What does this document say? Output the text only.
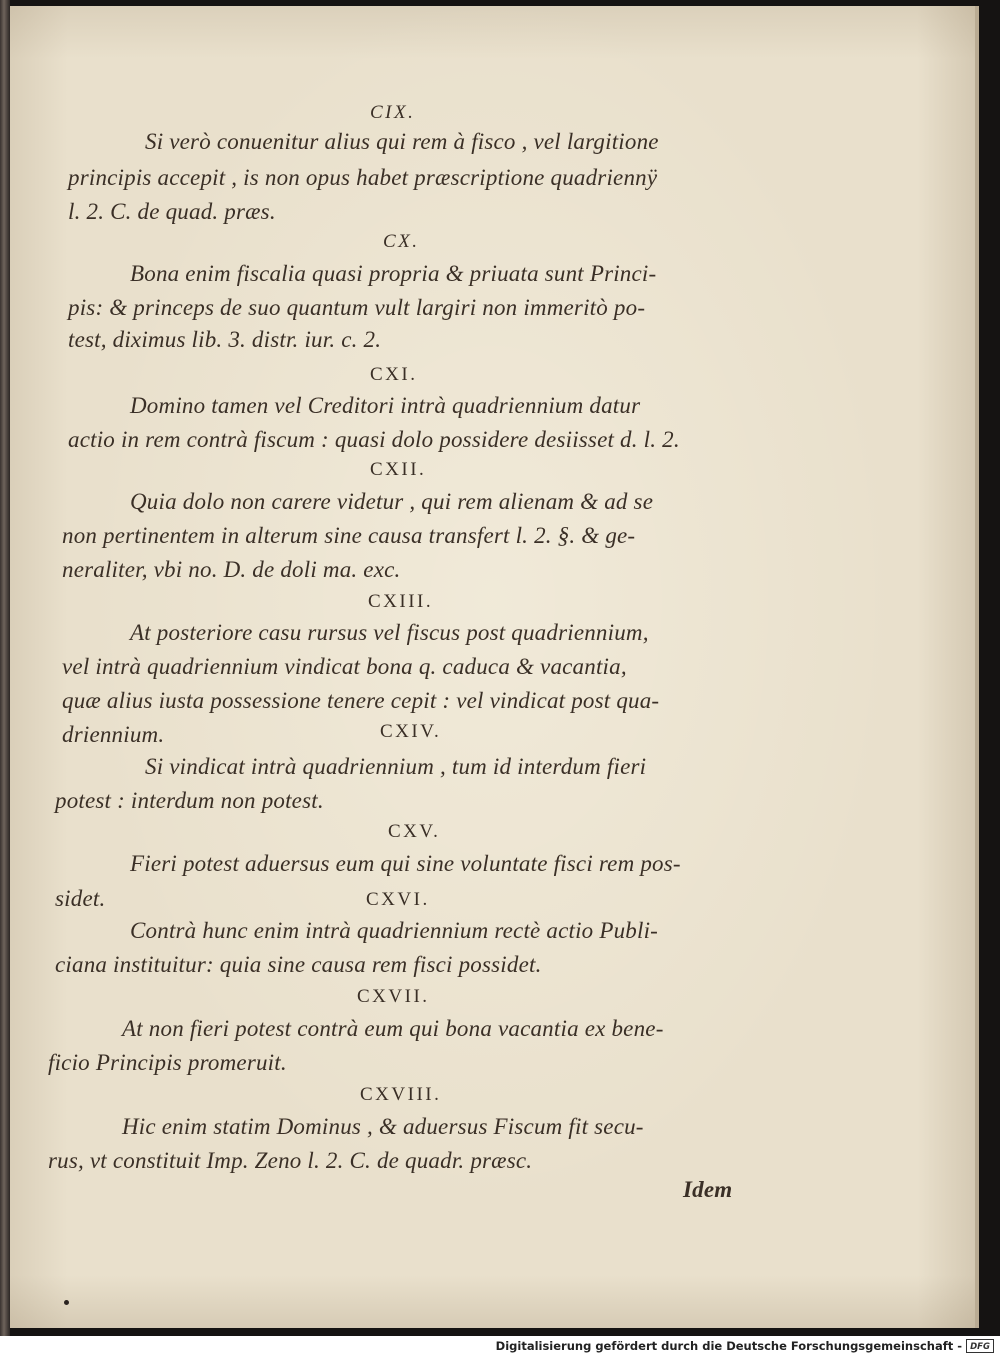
CIX.
Si verò conuenitur alius qui rem à fisco , vel largitione
principis accepit , is non opus habet præscriptione quadriennÿ
l. 2. C. de quad. præs.
CX.
Bona enim fiscalia quasi propria & priuata sunt Princi-
pis: & princeps de suo quantum vult largiri non immeritò po-
test, diximus lib. 3. distr. iur. c. 2.
CXI.
Domino tamen vel Creditori intrà quadriennium datur
actio in rem contrà fiscum : quasi dolo possidere desiisset d. l. 2.
CXII.
Quia dolo non carere videtur , qui rem alienam & ad se
non pertinentem in alterum sine causa transfert l. 2. §. & ge-
neraliter, vbi no. D. de doli ma. exc.
CXIII.
At posteriore casu rursus vel fiscus post quadriennium,
vel intrà quadriennium vindicat bona q. caduca & vacantia,
quæ alius iusta possessione tenere cepit : vel vindicat post qua-
driennium.	CXIV.
Si vindicat intrà quadriennium , tum id interdum fieri
potest : interdum non potest.
CXV.
Fieri potest aduersus eum qui sine voluntate fisci rem pos-
sidet.	CXVI.
Contrà hunc enim intrà quadriennium rectè actio Publi-
ciana instituitur: quia sine causa rem fisci possidet.
CXVII.
At non fieri potest contrà eum qui bona vacantia ex bene-
ficio Principis promeruit.
CXVIII.
Hic enim statim Dominus , & aduersus Fiscum fit secu-
rus, vt constituit Imp. Zeno l. 2. C. de quadr. præsc.
Idem
Digitalisierung gefördert durch die Deutsche Forschungsgemeinschaft - DFG
